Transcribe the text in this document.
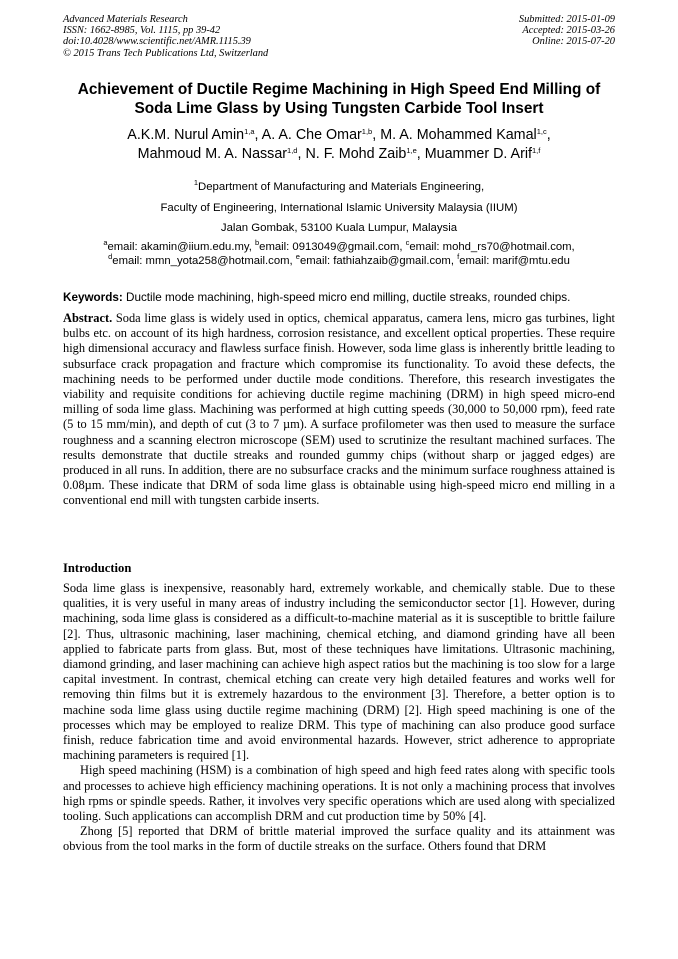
Advanced Materials Research
ISSN: 1662-8985, Vol. 1115, pp 39-42
doi:10.4028/www.scientific.net/AMR.1115.39
© 2015 Trans Tech Publications Ltd, Switzerland
Submitted: 2015-01-09
Accepted: 2015-03-26
Online: 2015-07-20
Achievement of Ductile Regime Machining in High Speed End Milling of
Soda Lime Glass by Using Tungsten Carbide Tool Insert
A.K.M. Nurul Amin$^{1,a}$, A. A. Che Omar$^{1,b}$, M. A. Mohammed Kamal$^{1,c}$,
Mahmoud M. A. Nassar$^{1,d}$, N. F. Mohd Zaib$^{1,e}$, Muammer D. Arif$^{1,f}$
$^1$Department of Manufacturing and Materials Engineering,
Faculty of Engineering, International Islamic University Malaysia (IIUM)
Jalan Gombak, 53100 Kuala Lumpur, Malaysia
$^a$email: akamin@iium.edu.my, $^b$email: 0913049@gmail.com, $^c$email: mohd_rs70@hotmail.com,
$^d$email: mmn_yota258@hotmail.com, $^e$email: fathiahzaib@gmail.com, $^f$email: marif@mtu.edu
Keywords: Ductile mode machining, high-speed micro end milling, ductile streaks, rounded chips.
Abstract. Soda lime glass is widely used in optics, chemical apparatus, camera lens, micro gas turbines, light bulbs etc. on account of its high hardness, corrosion resistance, and excellent optical properties. These require high dimensional accuracy and flawless surface finish. However, soda lime glass is inherently brittle leading to subsurface crack propagation and fracture which compromise its functionality. To avoid these defects, the machining needs to be performed under ductile mode conditions. Therefore, this research investigates the viability and requisite conditions for achieving ductile regime machining (DRM) in high speed micro-end milling of soda lime glass. Machining was performed at high cutting speeds (30,000 to 50,000 rpm), feed rate (5 to 15 mm/min), and depth of cut (3 to 7 µm). A surface profilometer was then used to measure the surface roughness and a scanning electron microscope (SEM) used to scrutinize the resultant machined surfaces. The results demonstrate that ductile streaks and rounded gummy chips (without sharp or jagged edges) are produced in all runs. In addition, there are no subsurface cracks and the minimum surface roughness attained is 0.08µm. These indicate that DRM of soda lime glass is obtainable using high-speed micro end milling in a conventional end mill with tungsten carbide inserts.
Introduction

Soda lime glass is inexpensive, reasonably hard, extremely workable, and chemically stable. Due to these qualities, it is very useful in many areas of industry including the semiconductor sector [1]. However, during machining, soda lime glass is considered as a difficult-to-machine material as it is susceptible to brittle failure [2]. Thus, ultrasonic machining, laser machining, chemical etching, and diamond grinding have all been applied to fabricate parts from glass. But, most of these techniques have limitations. Ultrasonic machining, diamond grinding, and laser machining can achieve high aspect ratios but the machining is too slow for a large capital investment. In contrast, chemical etching can create very high detailed features and works well for removing thin films but it is extremely hazardous to the environment [3]. Therefore, a better option is to machine soda lime glass using ductile regime machining (DRM) [2]. High speed machining is one of the processes which may be employed to realize DRM. This type of machining can also produce good surface finish, reduce fabrication time and avoid environmental hazards. However, strict adherence to appropriate machining parameters is required [1].

High speed machining (HSM) is a combination of high speed and high feed rates along with specific tools and processes to achieve high efficiency machining operations. It is not only a machining process that involves high rpms or spindle speeds. Rather, it involves very specific operations which are used along with specialized tooling. Such applications can accomplish DRM and cut production time by 50% [4].

Zhong [5] reported that DRM of brittle material improved the surface quality and its attainment was obvious from the tool marks in the form of ductile streaks on the surface. Others found that DRM
